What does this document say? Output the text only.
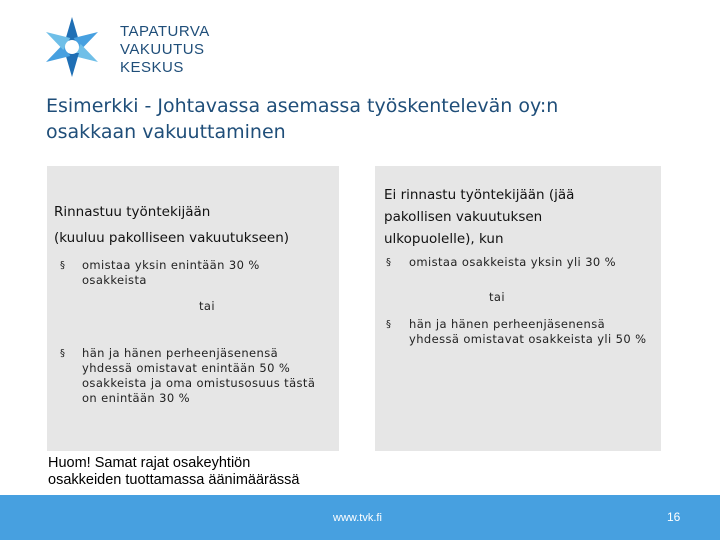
TAPATURVA
VAKUUTUS
KESKUS
Esimerkki - Johtavassa asemassa työskentelevän oy:n
osakkaan vakuuttaminen
Rinnastuu työntekijään
(kuuluu pakolliseen vakuutukseen)
§ omistaa yksin enintään 30 %
osakkeista
tai
§ hän ja hänen perheenjäsenensä
yhdessä omistavat enintään 50 %
osakkeista ja oma omistusosuus tästä
on enintään 30 %
Ei rinnastu työntekijään (jää
pakollisen vakuutuksen
ulkopuolelle), kun
§ omistaa osakkeista yksin yli 30 %
tai
§ hän ja hänen perheenjäsenensä
yhdessä omistavat osakkeista yli 50 %
Huom! Samat rajat osakeyhtiön
osakkeiden tuottamassa äänimäärässä
www.tvk.fi	16
